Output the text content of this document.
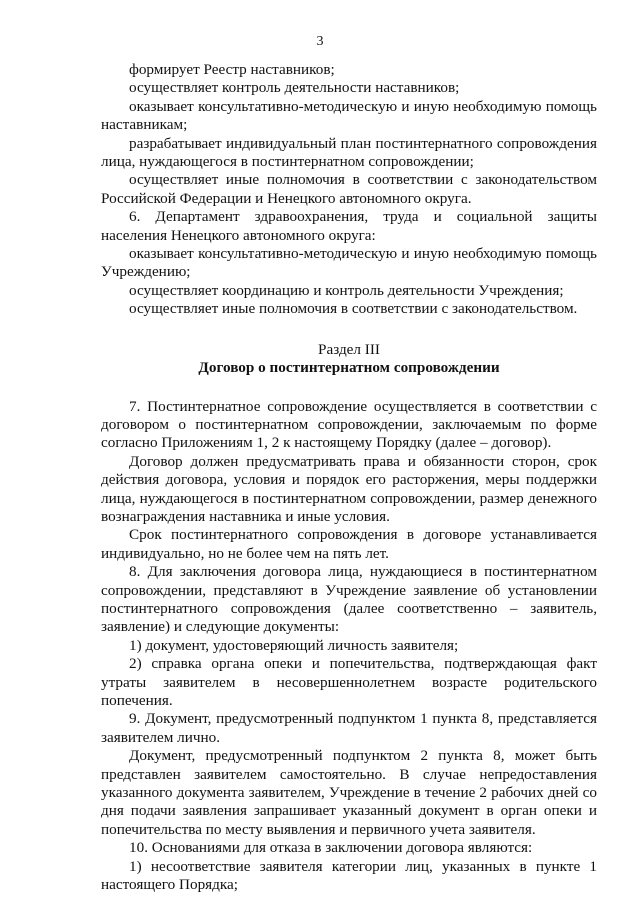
3

формирует Реестр наставников;

осуществляет контроль деятельности наставников;

оказывает консультативно-методическую и иную необходимую помощь наставникам;

разрабатывает индивидуальный план постинтернатного сопровождения лица, нуждающегося в постинтернатном сопровождении;

осуществляет иные полномочия в соответствии с законодательством Российской Федерации и Ненецкого автономного округа.

6. Департамент здравоохранения, труда и социальной защиты населения Ненецкого автономного округа:

оказывает консультативно-методическую и иную необходимую помощь Учреждению;

осуществляет координацию и контроль деятельности Учреждения;

осуществляет иные полномочия в соответствии с законодательством.

Раздел III

Договор о постинтернатном сопровождении

7. Постинтернатное сопровождение осуществляется в соответствии с договором о постинтернатном сопровождении, заключаемым по форме согласно Приложениям 1, 2 к настоящему Порядку (далее – договор).

Договор должен предусматривать права и обязанности сторон, срок действия договора, условия и порядок его расторжения, меры поддержки лица, нуждающегося в постинтернатном сопровождении, размер денежного вознаграждения наставника и иные условия.

Срок постинтернатного сопровождения в договоре устанавливается индивидуально, но не более чем на пять лет.

8. Для заключения договора лица, нуждающиеся в постинтернатном сопровождении, представляют в Учреждение заявление об установлении постинтернатного сопровождения (далее соответственно – заявитель, заявление) и следующие документы:

1) документ, удостоверяющий личность заявителя;

2) справка органа опеки и попечительства, подтверждающая факт утраты заявителем в несовершеннолетнем возрасте родительского попечения.

9. Документ, предусмотренный подпунктом 1 пункта 8, представляется заявителем лично.

Документ, предусмотренный подпунктом 2 пункта 8, может быть представлен заявителем самостоятельно. В случае непредоставления указанного документа заявителем, Учреждение в течение 2 рабочих дней со дня подачи заявления запрашивает указанный документ в орган опеки и попечительства по месту выявления и первичного учета заявителя.

10. Основаниями для отказа в заключении договора являются:

1) несоответствие заявителя категории лиц, указанных в пункте 1 настоящего Порядка;
